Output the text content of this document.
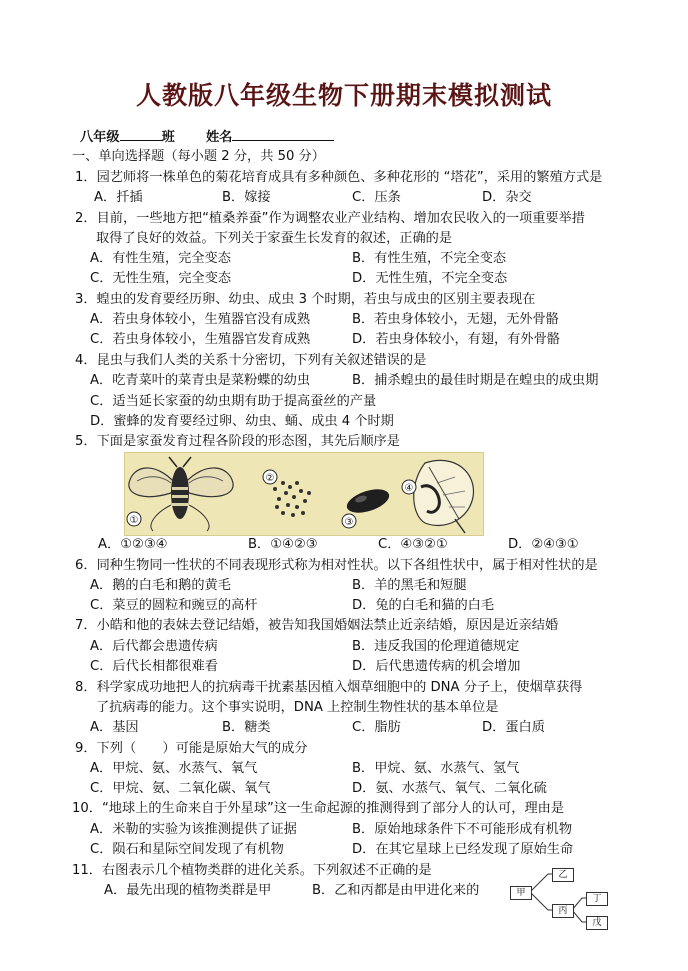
人教版八年级生物下册期末模拟测试
八年级	班 姓名
一、单向选择题（每小题 2 分，共 50 分）
1．园艺师将一株单色的菊花培育成具有多种颜色、多种花形的 “塔花”，采用的繁殖方式是
A．扦插	B．嫁接	C．压条	D．杂交
2．目前，一些地方把“植桑养蚕”作为调整农业产业结构、增加农民收入的一项重要举措
取得了良好的效益。下列关于家蚕生长发育的叙述，正确的是
A．有性生殖，完全变态	B．有性生殖，不完全变态
C．无性生殖，完全变态	D．无性生殖，不完全变态
3．蝗虫的发育要经历卵、幼虫、成虫 3 个时期，若虫与成虫的区别主要表现在
A．若虫身体较小，生殖器官没有成熟	B．若虫身体较小，无翅，无外骨骼
C．若虫身体较小，生殖器官发育成熟	D．若虫身体较小，有翅，有外骨骼
4．昆虫与我们人类的关系十分密切，下列有关叙述错误的是
A．吃青菜叶的菜青虫是菜粉蝶的幼虫	B．捕杀蝗虫的最佳时期是在蝗虫的成虫期
C．适当延长家蚕的幼虫期有助于提高蚕丝的产量
D．蜜蜂的发育要经过卵、幼虫、蛹、成虫 4 个时期
5．下面是家蚕发育过程各阶段的形态图，其先后顺序是
①
②
③
④
A．①②③④	B．①④②③	C．④③②①	D．②④③①
6．同种生物同一性状的不同表现形式称为相对性状。以下各组性状中，属于相对性状的是
A．鹅的白毛和鹅的黄毛	B．羊的黑毛和短腿
C．菜豆的圆粒和豌豆的高杆	D．兔的白毛和猫的白毛
7．小皓和他的表妹去登记结婚，被告知我国婚姻法禁止近亲结婚，原因是近亲结婚
A．后代都会患遗传病	B．违反我国的伦理道德规定
C．后代长相都很难看	D．后代患遗传病的机会增加
8．科学家成功地把人的抗病毒干扰素基因植入烟草细胞中的 DNA 分子上，使烟草获得
了抗病毒的能力。这个事实说明，DNA 上控制生物性状的基本单位是
A．基因	B．糖类	C．脂肪	D．蛋白质
9．下列（　　）可能是原始大气的成分
A．甲烷、氨、水蒸气、氧气	B．甲烷、氨、水蒸气、氢气
C．甲烷、氨、二氧化碳、氧气	D．氨、水蒸气、氧气、二氧化硫
10．“地球上的生命来自于外星球”这一生命起源的推测得到了部分人的认可，理由是
A．米勒的实验为该推测提供了证据	B．原始地球条件下不可能形成有机物
C．陨石和星际空间发现了有机物	D．在其它星球上已经发现了原始生命
11．右图表示几个植物类群的进化关系。下列叙述不正确的是
A．最先出现的植物类群是甲	B．乙和丙都是由甲进化来的	甲
乙
丙
丁
戊
